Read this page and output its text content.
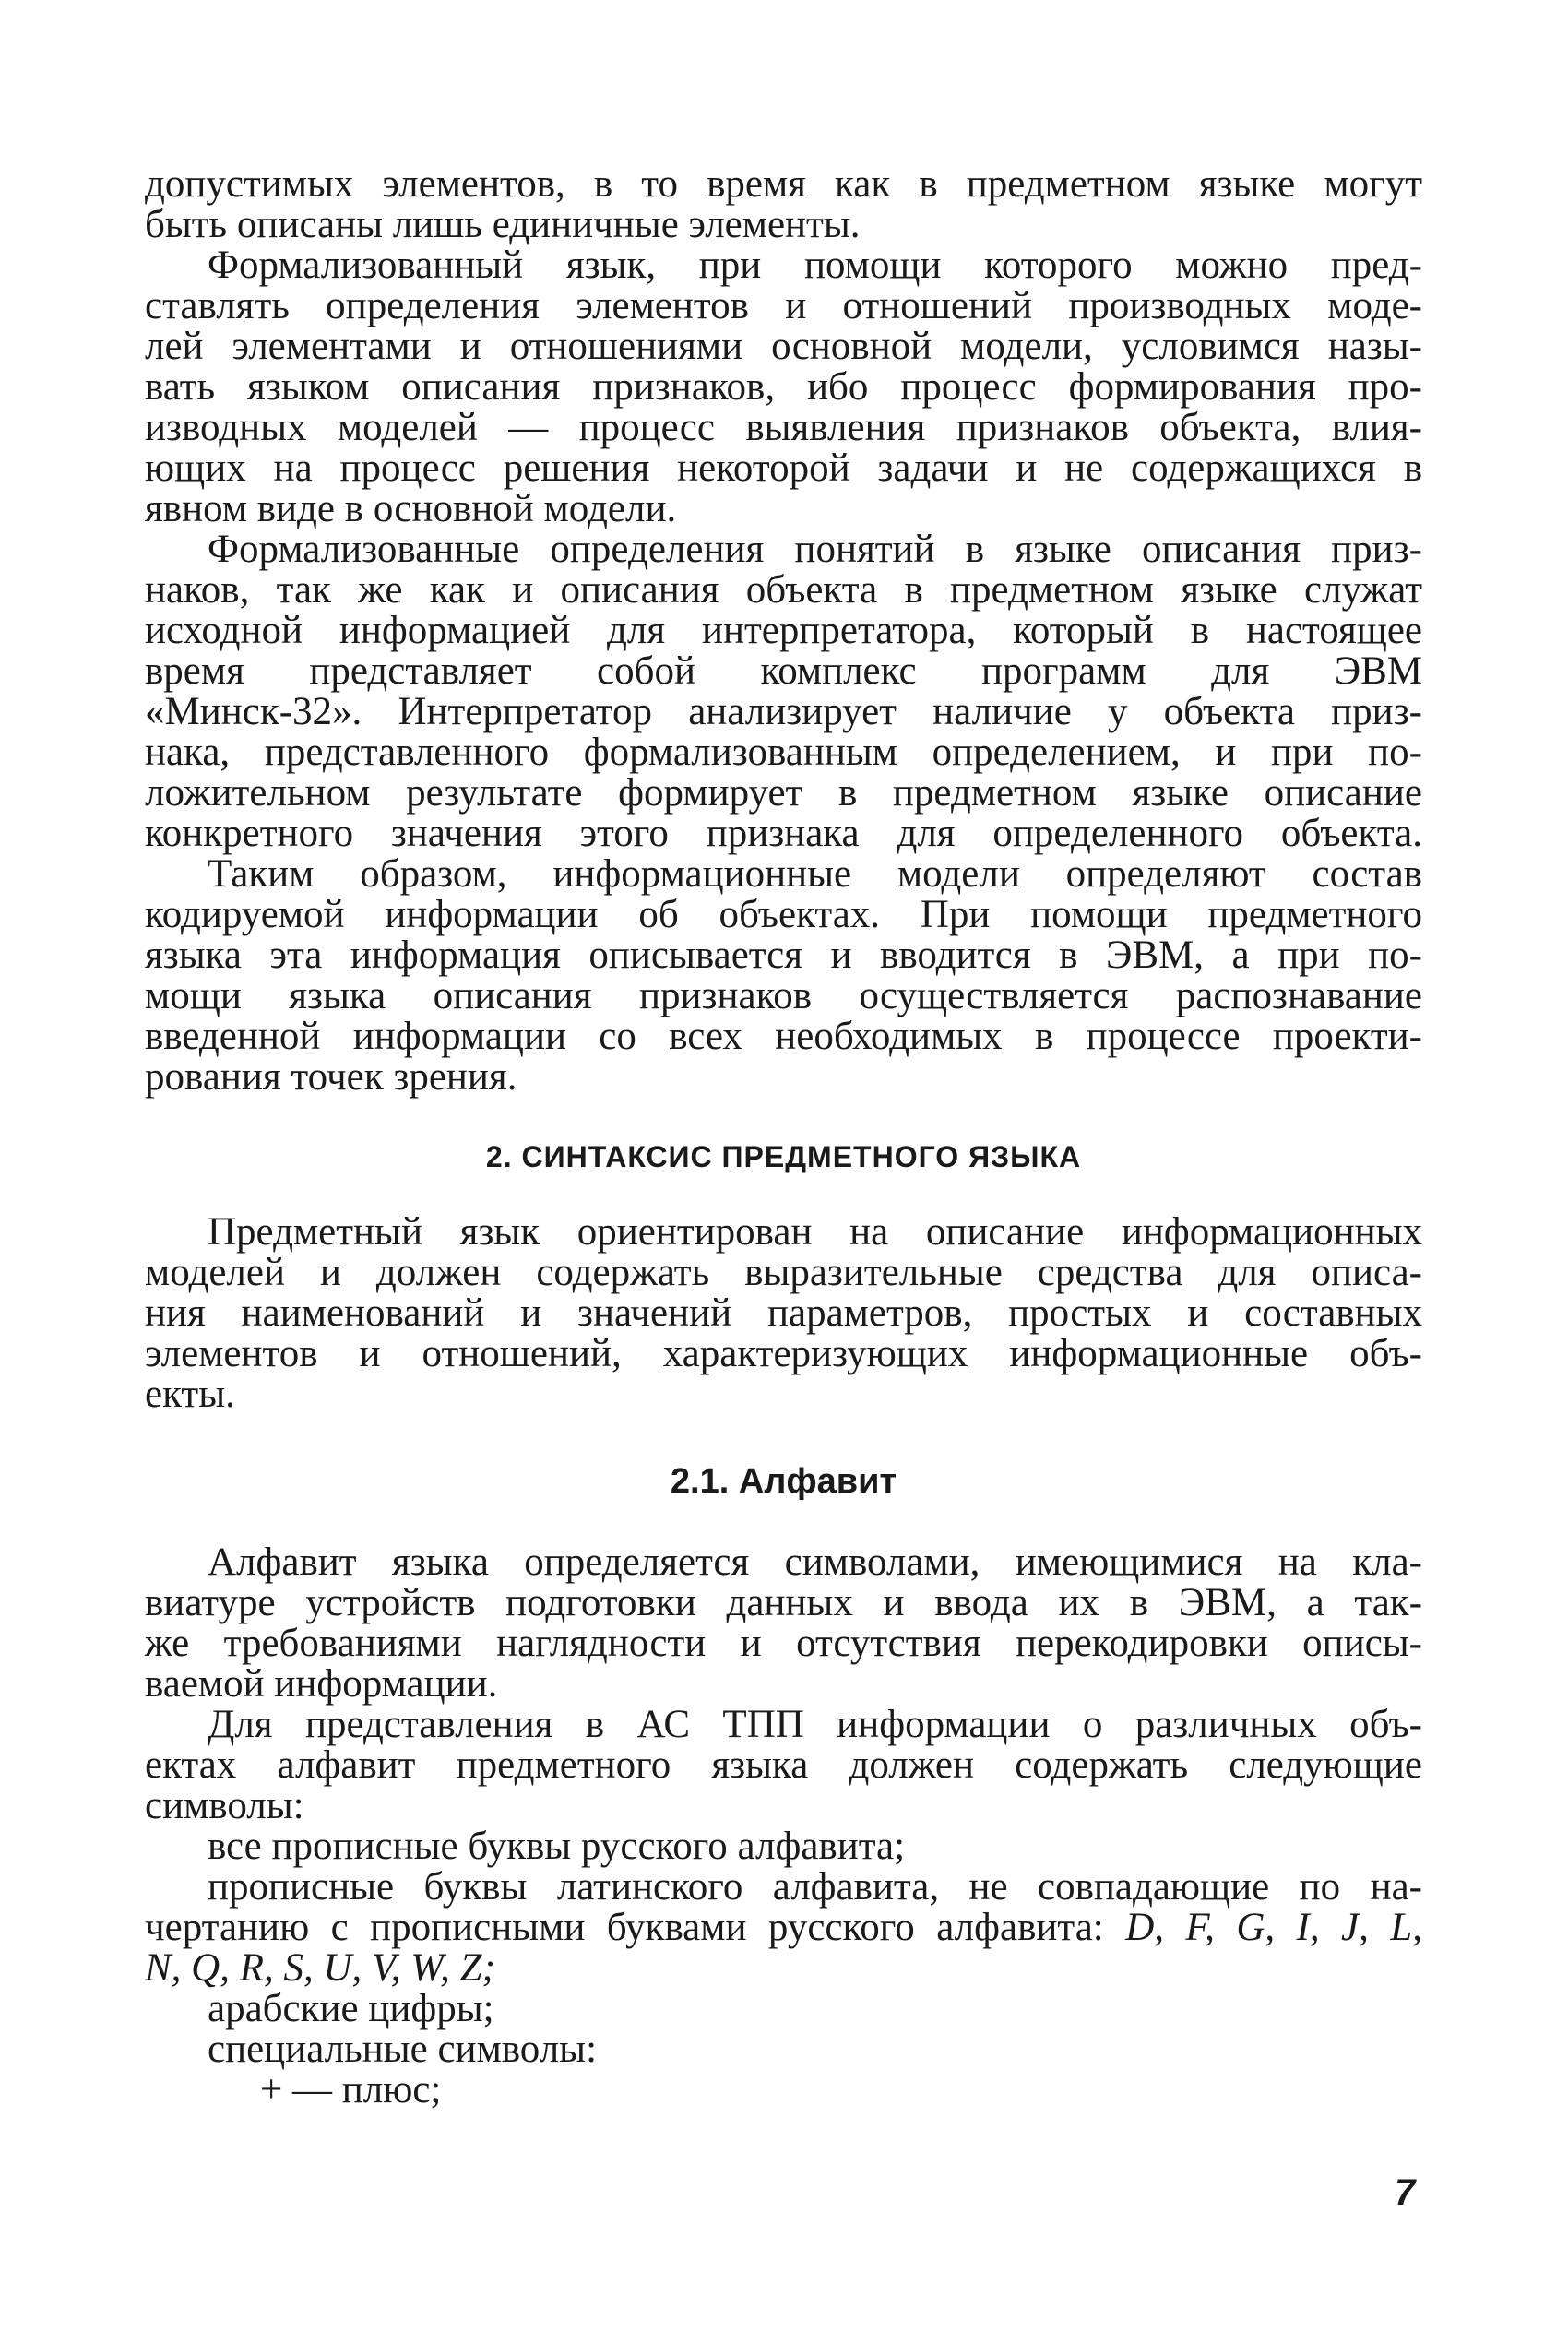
допустимых элементов, в то время как в предметном языке могут
быть описаны лишь единичные элементы.
Формализованный язык, при помощи которого можно пред-
ставлять определения элементов и отношений производных моде-
лей элементами и отношениями основной модели, условимся назы-
вать языком описания признаков, ибо процесс формирования про-
изводных моделей — процесс выявления признаков объекта, влия-
ющих на процесс решения некоторой задачи и не содержащихся в
явном виде в основной модели.
Формализованные определения понятий в языке описания приз-
наков, так же как и описания объекта в предметном языке служат
исходной информацией для интерпретатора, который в настоящее
время представляет собой комплекс программ для ЭВМ
«Минск-32». Интерпретатор анализирует наличие у объекта приз-
нака, представленного формализованным определением, и при по-
ложительном результате формирует в предметном языке описание
конкретного значения этого признака для определенного объекта.
Таким образом, информационные модели определяют состав
кодируемой информации об объектах. При помощи предметного
языка эта информация описывается и вводится в ЭВМ, а при по-
мощи языка описания признаков осуществляется распознавание
введенной информации со всех необходимых в процессе проекти-
рования точек зрения.
2. СИНТАКСИС ПРЕДМЕТНОГО ЯЗЫКА
Предметный язык ориентирован на описание информационных
моделей и должен содержать выразительные средства для описа-
ния наименований и значений параметров, простых и составных
элементов и отношений, характеризующих информационные объ-
екты.
2.1. Алфавит
Алфавит языка определяется символами, имеющимися на кла-
виатуре устройств подготовки данных и ввода их в ЭВМ, а так-
же требованиями наглядности и отсутствия перекодировки описы-
ваемой информации.
Для представления в АС ТПП информации о различных объ-
ектах алфавит предметного языка должен содержать следующие
символы:
все прописные буквы русского алфавита;
прописные буквы латинского алфавита, не совпадающие по на-
чертанию с прописными буквами русского алфавита: D, F, G, I, J, L,
N, Q, R, S, U, V, W, Z;
арабские цифры;
специальные символы:
+ — плюс;
7
